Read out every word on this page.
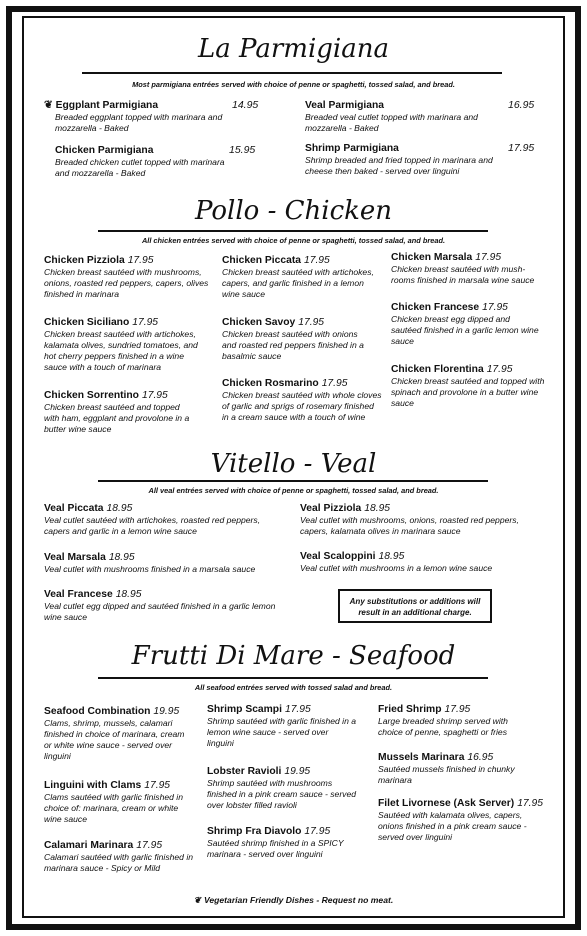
La Parmigiana
Most parmigiana entrées served with choice of penne or spaghetti, tossed salad, and bread.
❦ Eggplant Parmigiana
Breaded eggplant topped with marinara and mozzarella - Baked
14.95
Chicken Parmigiana
Breaded chicken cutlet topped with marinara and mozzarella - Baked
15.95
Veal Parmigiana
Breaded veal cutlet topped with marinara and mozzarella - Baked
16.95
Shrimp Parmigiana
Shrimp breaded and fried topped in marinara and cheese then baked - served over linguini
17.95
Pollo - Chicken
All chicken entrées served with choice of penne or spaghetti, tossed salad, and bread.
Chicken Pizziola 17.95
Chicken breast sautéed with mushrooms, onions, roasted red peppers, capers, olives finished in marinara
Chicken Siciliano 17.95
Chicken breast sautéed with artichokes, kalamata olives, sundried tomatoes, and hot cherry peppers finished in a wine sauce with a touch of marinara
Chicken Sorrentino 17.95
Chicken breast sautéed and topped with ham, eggplant and provolone in a butter wine sauce
Chicken Piccata 17.95
Chicken breast sautéed with artichokes, capers, and garlic finished in a lemon wine sauce
Chicken Savoy 17.95
Chicken breast sautéed with onions and roasted red peppers finished in a basalmic sauce
Chicken Rosmarino 17.95
Chicken breast sautéed with whole cloves of garlic and sprigs of rosemary finished in a cream sauce with a touch of wine
Chicken Marsala 17.95
Chicken breast sautéed with mush-rooms finished in marsala wine sauce
Chicken Francese 17.95
Chicken breast egg dipped and sautéed finished in a garlic lemon wine sauce
Chicken Florentina 17.95
Chicken breast sautéed and topped with spinach and provolone in a butter wine sauce
Vitello - Veal
All veal entrées served with choice of penne or spaghetti, tossed salad, and bread.
Veal Piccata 18.95
Veal cutlet sautéed with artichokes, roasted red peppers, capers and garlic in a lemon wine sauce
Veal Marsala 18.95
Veal cutlet with mushrooms finished in a marsala sauce
Veal Francese 18.95
Veal cutlet egg dipped and sautéed finished in a garlic lemon wine sauce
Veal Pizziola 18.95
Veal cutlet with mushrooms, onions, roasted red peppers, capers, kalamata olives in marinara sauce
Veal Scaloppini 18.95
Veal cutlet with mushrooms in a lemon wine sauce
Any substitutions or additions will result in an additional charge.
Frutti Di Mare - Seafood
All seafood entrées served with tossed salad and bread.
Seafood Combination 19.95
Clams, shrimp, mussels, calamari finished in choice of marinara, cream or white wine sauce - served over linguini
Linguini with Clams 17.95
Clams sautéed with garlic finished in choice of: marinara, cream or white wine sauce
Calamari Marinara 17.95
Calamari sautéed with garlic finished in marinara sauce - Spicy or Mild
Shrimp Scampi 17.95
Shrimp sautéed with garlic finished in a lemon wine sauce - served over linguini
Lobster Ravioli 19.95
Shrimp sautéed with mushrooms finished in a pink cream sauce - served over lobster filled ravioli
Shrimp Fra Diavolo 17.95
Sautéed shrimp finished in a SPICY marinara - served over linguini
Fried Shrimp 17.95
Large breaded shrimp served with choice of penne, spaghetti or fries
Mussels Marinara 16.95
Sautéed mussels finished in chunky marinara
Filet Livornese (Ask Server) 17.95
Sautéed with kalamata olives, capers, onions finished in a pink cream sauce - served over linguini
❦ Vegetarian Friendly Dishes - Request no meat.
